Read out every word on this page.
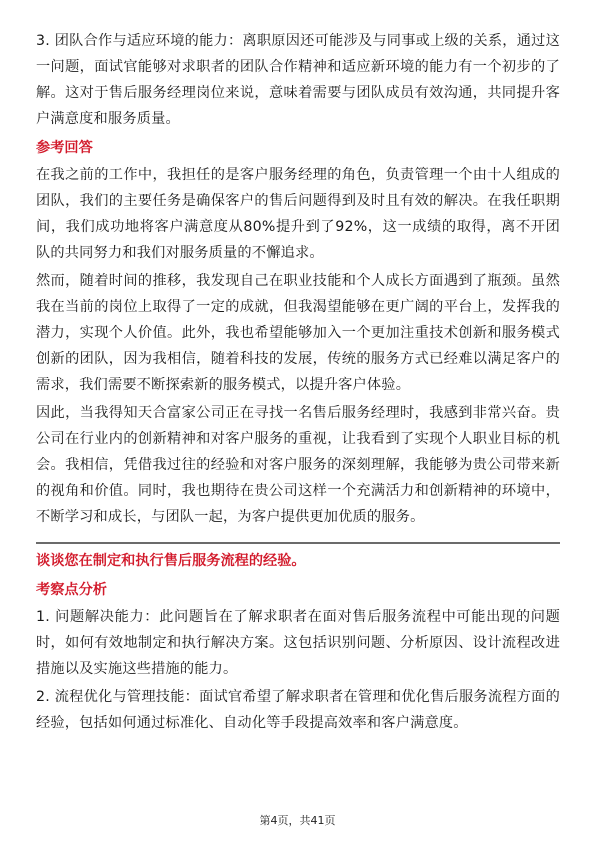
3. 团队合作与适应环境的能力：离职原因还可能涉及与同事或上级的关系，通过这一问题，面试官能够对求职者的团队合作精神和适应新环境的能力有一个初步的了解。这对于售后服务经理岗位来说，意味着需要与团队成员有效沟通，共同提升客户满意度和服务质量。

参考回答

在我之前的工作中，我担任的是客户服务经理的角色，负责管理一个由十人组成的团队，我们的主要任务是确保客户的售后问题得到及时且有效的解决。在我任职期间，我们成功地将客户满意度从80%提升到了92%，这一成绩的取得，离不开团队的共同努力和我们对服务质量的不懈追求。

然而，随着时间的推移，我发现自己在职业技能和个人成长方面遇到了瓶颈。虽然我在当前的岗位上取得了一定的成就，但我渴望能够在更广阔的平台上，发挥我的潜力，实现个人价值。此外，我也希望能够加入一个更加注重技术创新和服务模式创新的团队，因为我相信，随着科技的发展，传统的服务方式已经难以满足客户的需求，我们需要不断探索新的服务模式，以提升客户体验。

因此，当我得知天合富家公司正在寻找一名售后服务经理时，我感到非常兴奋。贵公司在行业内的创新精神和对客户服务的重视，让我看到了实现个人职业目标的机会。我相信，凭借我过往的经验和对客户服务的深刻理解，我能够为贵公司带来新的视角和价值。同时，我也期待在贵公司这样一个充满活力和创新精神的环境中，不断学习和成长，与团队一起，为客户提供更加优质的服务。

谈谈您在制定和执行售后服务流程的经验。
考察点分析

1. 问题解决能力：此问题旨在了解求职者在面对售后服务流程中可能出现的问题时，如何有效地制定和执行解决方案。这包括识别问题、分析原因、设计流程改进措施以及实施这些措施的能力。

2. 流程优化与管理技能：面试官希望了解求职者在管理和优化售后服务流程方面的经验，包括如何通过标准化、自动化等手段提高效率和客户满意度。

第4页，共41页
